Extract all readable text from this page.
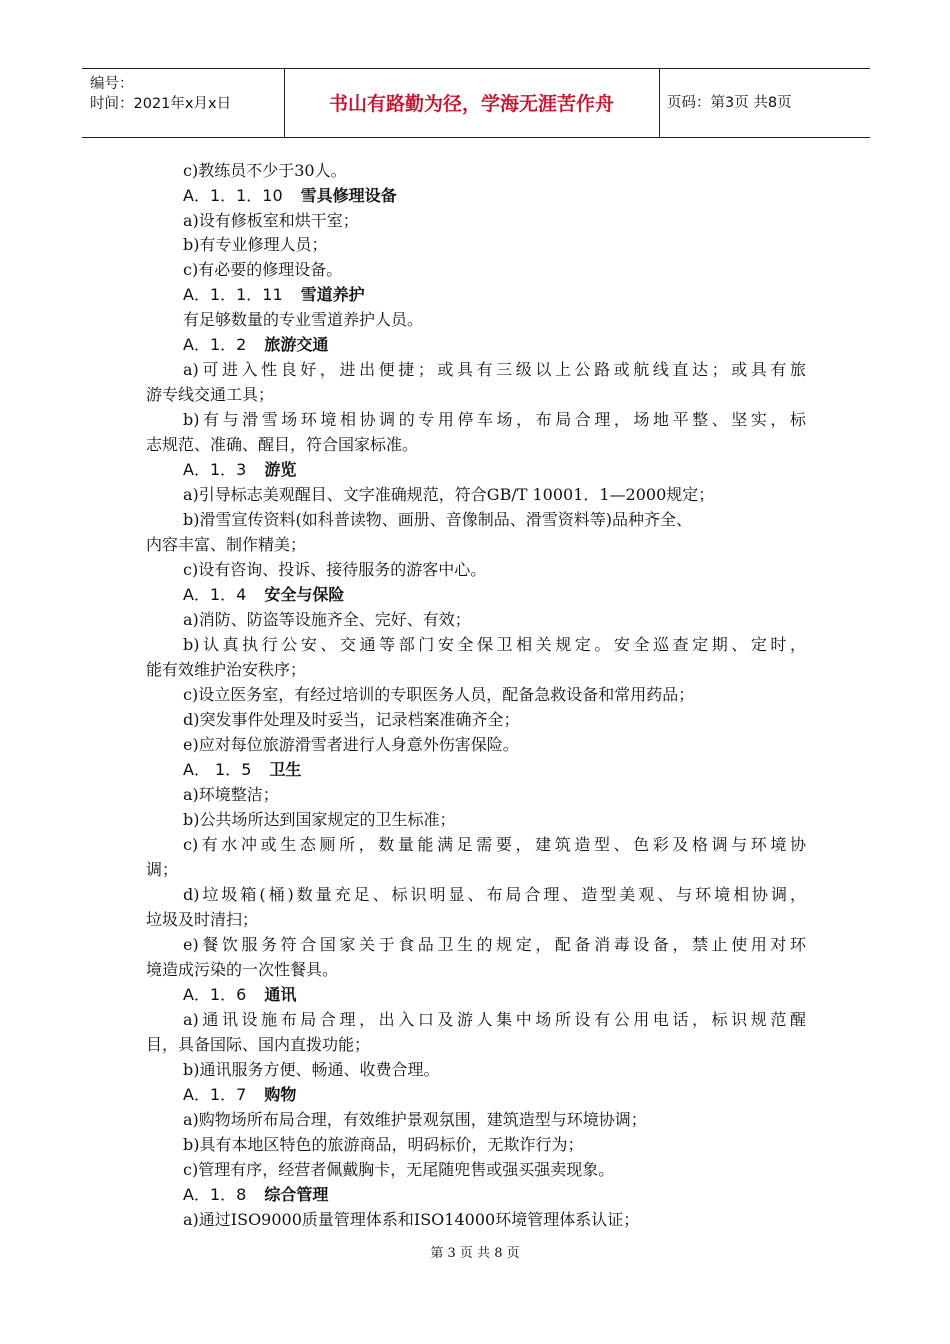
编号：
时间：2021年x月x日	书山有路勤为径，学海无涯苦作舟	页码：第3页 共8页
c)教练员不少于30人。
A．1．1．10 雪具修理设备
a)设有修板室和烘干室；
b)有专业修理人员；
c)有必要的修理设备。
A．1．1．11 雪道养护
有足够数量的专业雪道养护人员。
A．1．2 旅游交通
a)可进入性良好，进出便捷；或具有三级以上公路或航线直达；或具有旅
游专线交通工具；
b)有与滑雪场环境相协调的专用停车场，布局合理，场地平整、坚实，标
志规范、准确、醒目，符合国家标准。
A．1．3 游览
a)引导标志美观醒目、文字准确规范，符合GB/T 10001．1—2000规定；
b)滑雪宣传资料(如科普读物、画册、音像制品、滑雪资料等)品种齐全、
内容丰富、制作精美；
c)设有咨询、投诉、接待服务的游客中心。
A．1．4 安全与保险
a)消防、防盗等设施齐全、完好、有效；
b)认真执行公安、交通等部门安全保卫相关规定。安全巡查定期、定时，
能有效维护治安秩序；
c)设立医务室，有经过培训的专职医务人员，配备急救设备和常用药品；
d)突发事件处理及时妥当，记录档案准确齐全；
e)应对每位旅游滑雪者进行人身意外伤害保险。
A． 1．5 卫生
a)环境整洁；
b)公共场所达到国家规定的卫生标准；
c)有水冲或生态厕所，数量能满足需要，建筑造型、色彩及格调与环境协
调；
d)垃圾箱(桶)数量充足、标识明显、布局合理、造型美观、与环境相协调，
垃圾及时清扫；
e)餐饮服务符合国家关于食品卫生的规定，配备消毒设备，禁止使用对环
境造成污染的一次性餐具。
A．1．6 通讯
a)通讯设施布局合理，出入口及游人集中场所设有公用电话，标识规范醒
目，具备国际、国内直拨功能；
b)通讯服务方便、畅通、收费合理。
A．1．7 购物
a)购物场所布局合理，有效维护景观氛围，建筑造型与环境协调；
b)具有本地区特色的旅游商品，明码标价，无欺诈行为；
c)管理有序，经营者佩戴胸卡，无尾随兜售或强买强卖现象。
A．1．8 综合管理
a)通过ISO9000质量管理体系和ISO14000环境管理体系认证；
第 3 页 共 8 页
